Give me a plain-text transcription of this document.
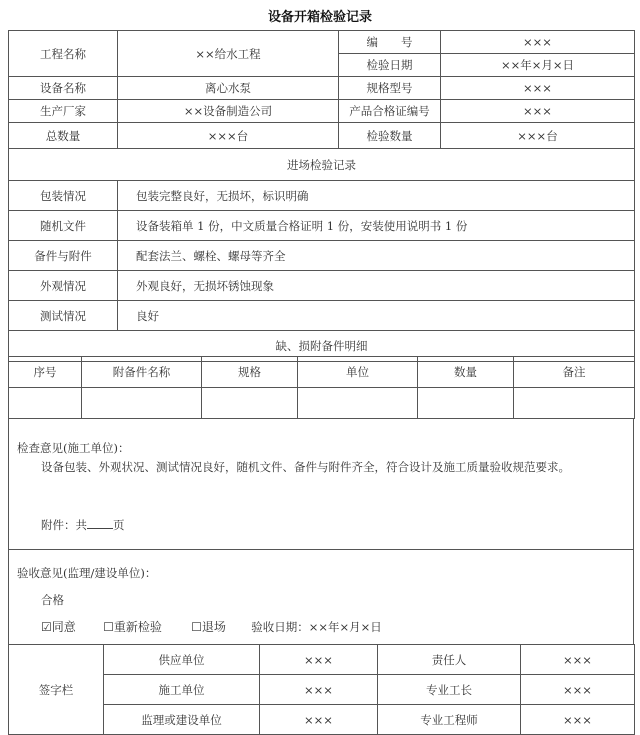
设备开箱检验记录
工程名称	××给水工程	编　　号	×××
		检验日期	××年×月×日
设备名称	离心水泵	规格型号	×××
生产厂家	××设备制造公司	产品合格证编号	×××
总数量	×××台	检验数量	×××台
进场检验记录			
包装情况	包装完整良好，无损坏，标识明确		
随机文件	设备装箱单 1 份，中文质量合格证明 1 份，安装使用说明书 1 份		
备件与附件	配套法兰、螺栓、螺母等齐全		
外观情况	外观良好，无损坏锈蚀现象		
测试情况	良好		
缺、损附备件明细			
序号	附备件名称	规格	单位	数量	备注

检查意见(施工单位)：
设备包装、外观状况、测试情况良好，随机文件、备件与附件齐全，符合设计及施工质量验收规范要求。
附件：共 页
验收意见(监理/建设单位)：
合格
☑同意 ☐重新检验 ☐退场 验收日期：××年×月×日
签字栏	供应单位	×××	责任人	×××
	施工单位	×××	专业工长	×××
	监理或建设单位	×××	专业工程师	×××
